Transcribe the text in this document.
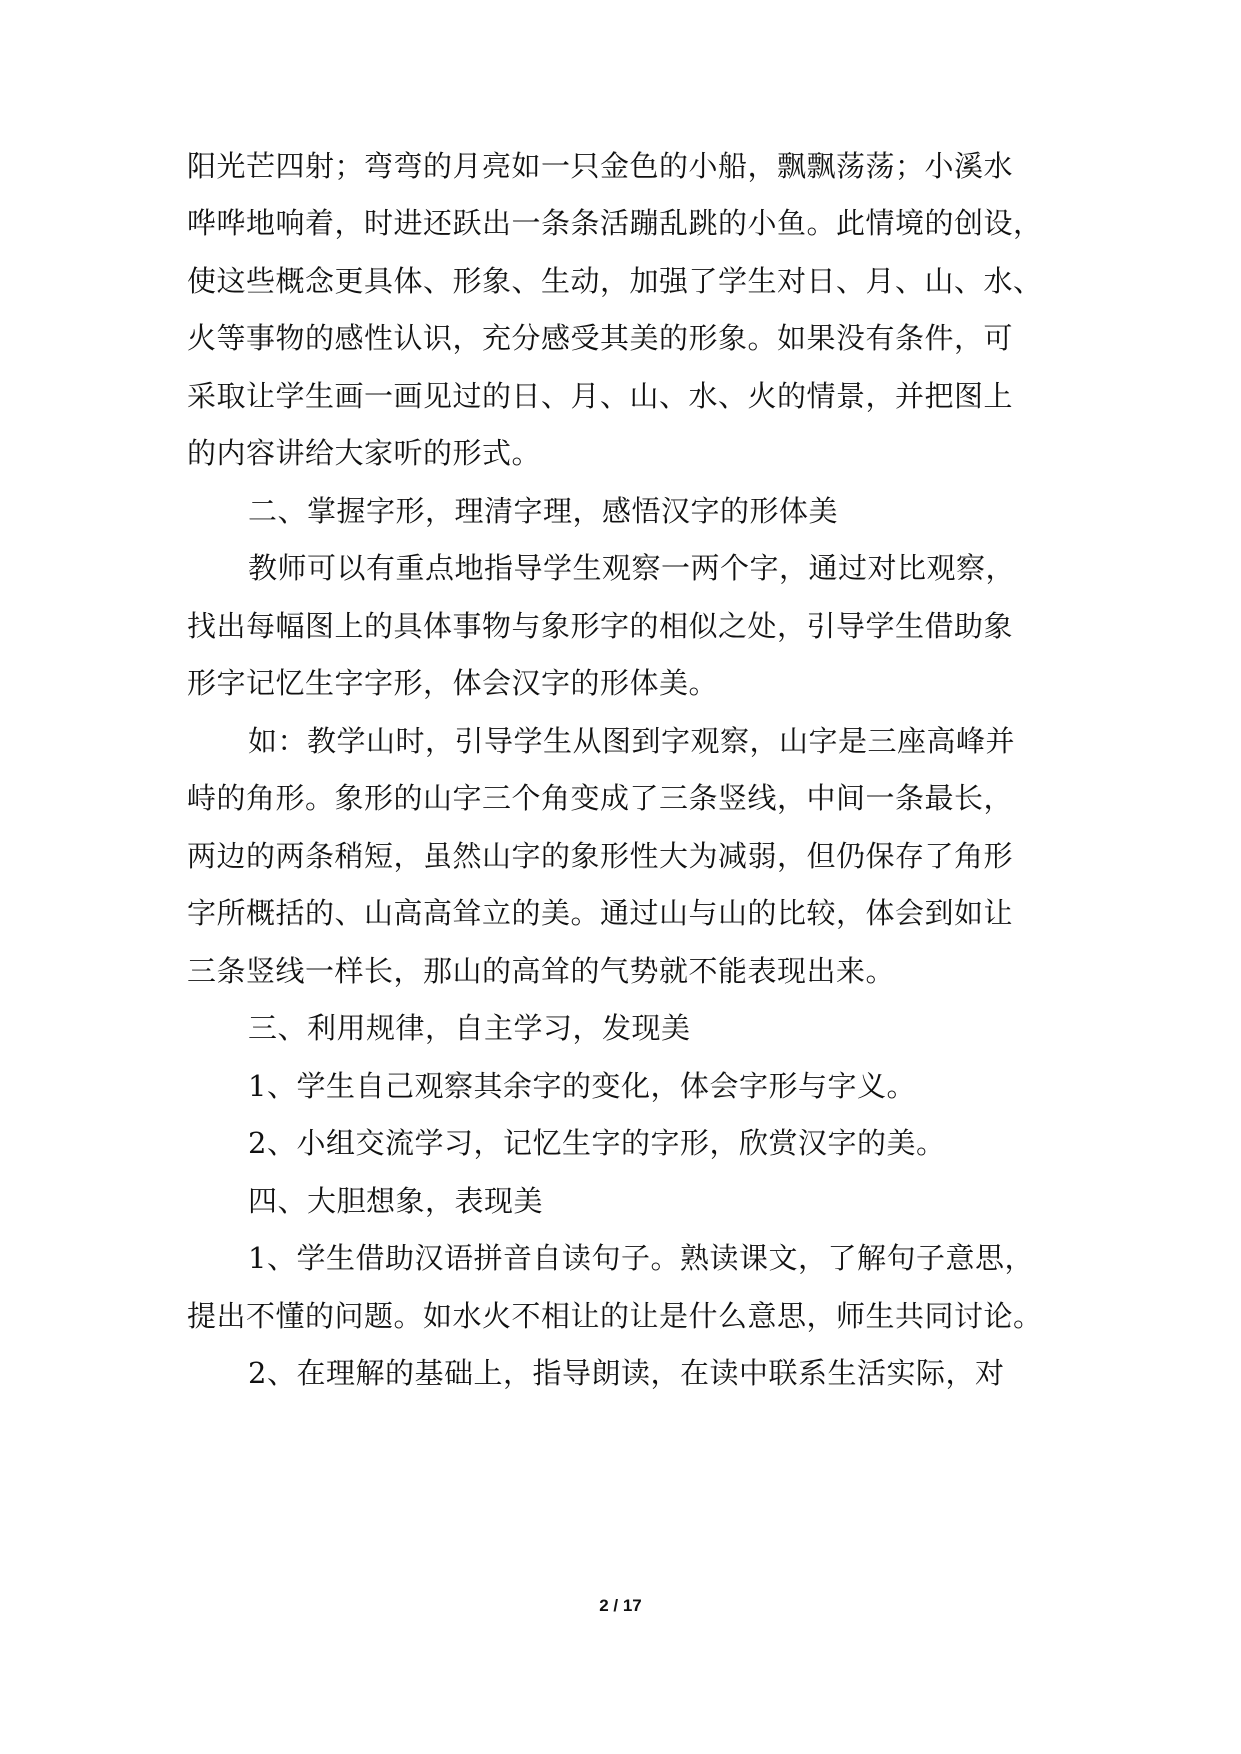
阳光芒四射；弯弯的月亮如一只金色的小船，飘飘荡荡；小溪水
哗哗地响着，时进还跃出一条条活蹦乱跳的小鱼。此情境的创设，
使这些概念更具体、形象、生动，加强了学生对日、月、山、水、
火等事物的感性认识，充分感受其美的形象。如果没有条件，可
采取让学生画一画见过的日、月、山、水、火的情景，并把图上
的内容讲给大家听的形式。
二、掌握字形，理清字理，感悟汉字的形体美
教师可以有重点地指导学生观察一两个字，通过对比观察，
找出每幅图上的具体事物与象形字的相似之处，引导学生借助象
形字记忆生字字形，体会汉字的形体美。
如：教学山时，引导学生从图到字观察，山字是三座高峰并
峙的角形。象形的山字三个角变成了三条竖线，中间一条最长，
两边的两条稍短，虽然山字的象形性大为减弱，但仍保存了角形
字所概括的、山高高耸立的美。通过山与山的比较，体会到如让
三条竖线一样长，那山的高耸的气势就不能表现出来。
三、利用规律，自主学习，发现美
1、学生自己观察其余字的变化，体会字形与字义。
2、小组交流学习，记忆生字的字形，欣赏汉字的美。
四、大胆想象，表现美
1、学生借助汉语拼音自读句子。熟读课文，了解句子意思，
提出不懂的问题。如水火不相让的让是什么意思，师生共同讨论。
2、在理解的基础上，指导朗读，在读中联系生活实际，对
2 / 17
